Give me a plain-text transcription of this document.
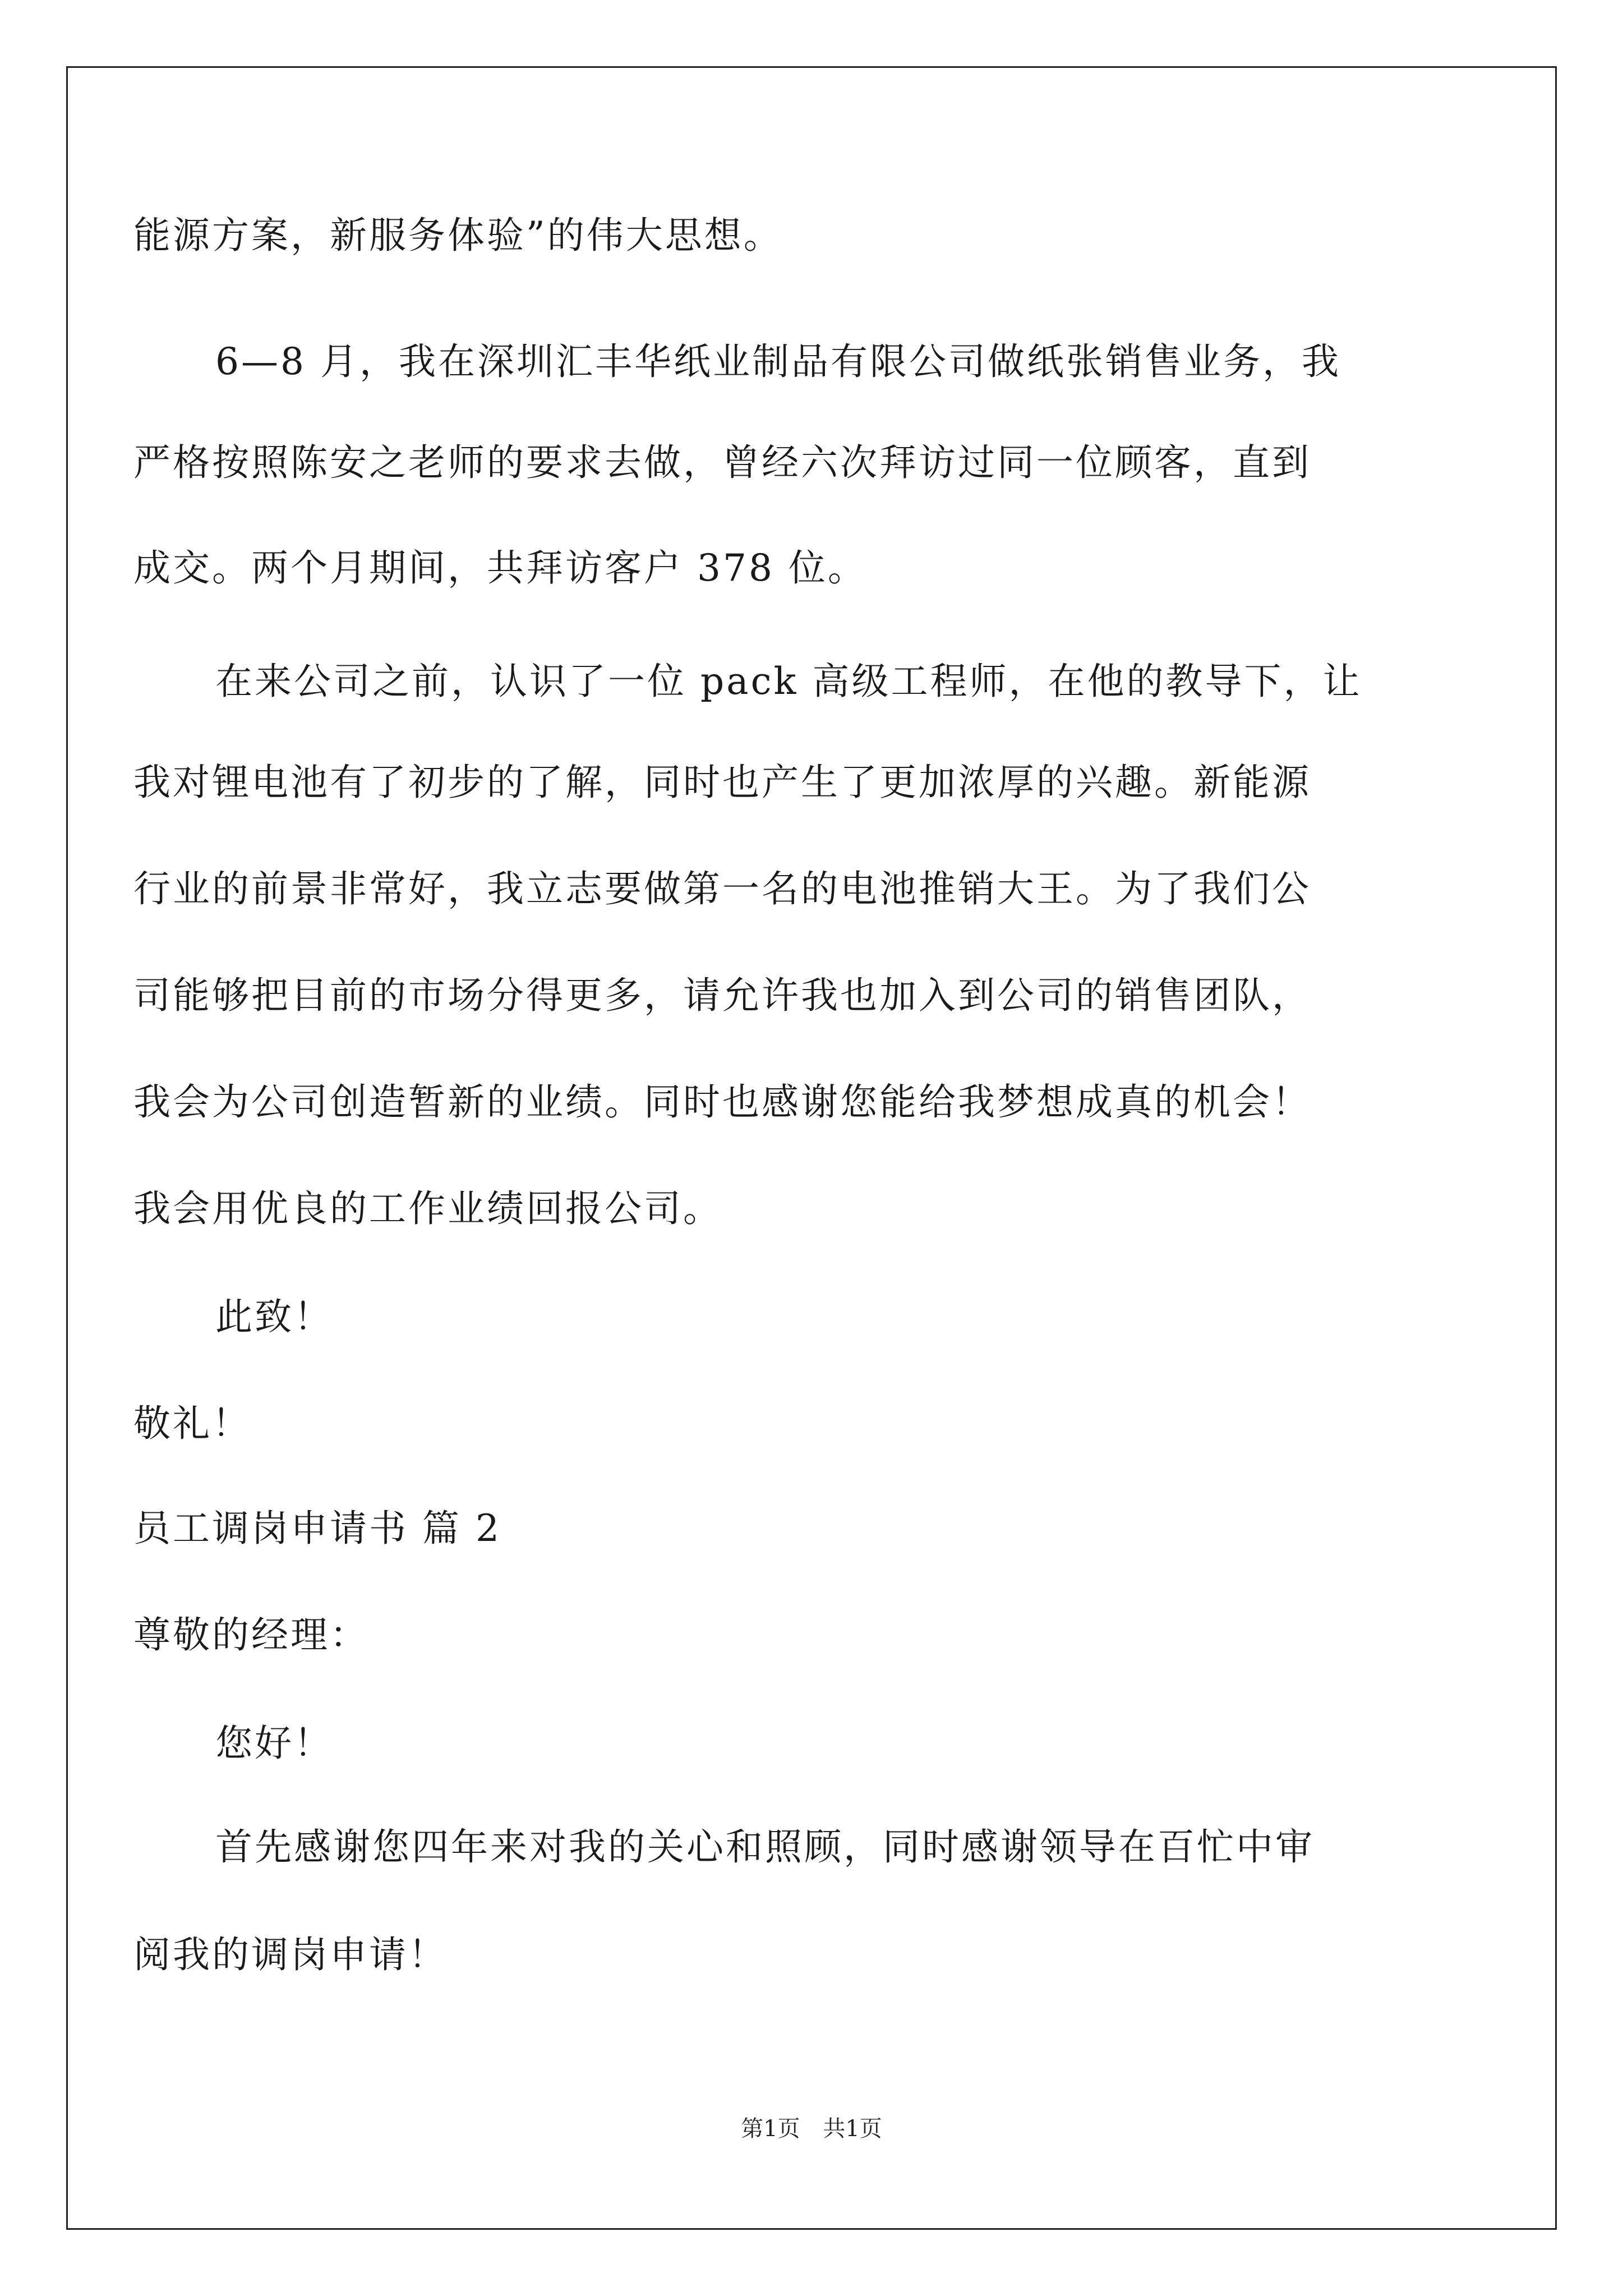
能源方案，新服务体验”的伟大思想。
6—8 月，我在深圳汇丰华纸业制品有限公司做纸张销售业务，我
严格按照陈安之老师的要求去做，曾经六次拜访过同一位顾客，直到
成交。两个月期间，共拜访客户 378 位。
在来公司之前，认识了一位 pack 高级工程师，在他的教导下，让
我对锂电池有了初步的了解，同时也产生了更加浓厚的兴趣。新能源
行业的前景非常好，我立志要做第一名的电池推销大王。为了我们公
司能够把目前的市场分得更多，请允许我也加入到公司的销售团队，
我会为公司创造暂新的业绩。同时也感谢您能给我梦想成真的机会！
我会用优良的工作业绩回报公司。
此致！
敬礼！
员工调岗申请书 篇 2
尊敬的经理：
您好！
首先感谢您四年来对我的关心和照顾，同时感谢领导在百忙中审
阅我的调岗申请！
第1页 共1页
